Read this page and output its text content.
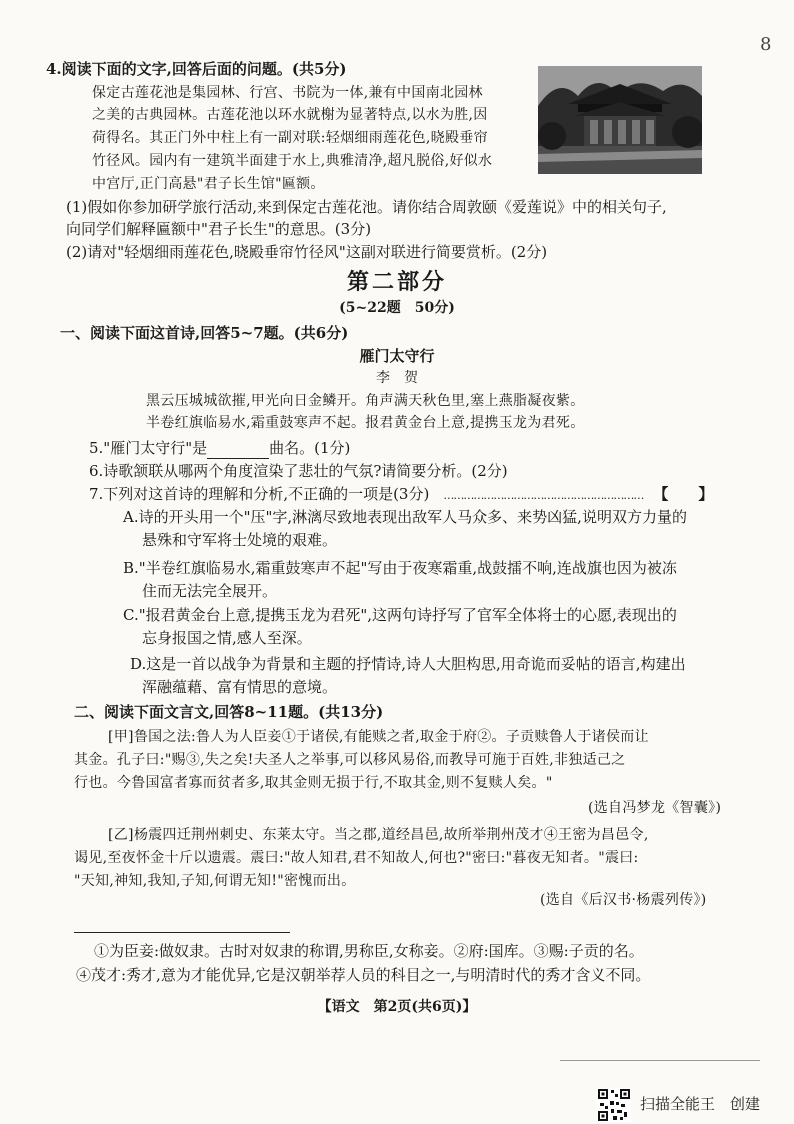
8
4.阅读下面的文字,回答后面的问题。(共5分)
保定古莲花池是集园林、行宫、书院为一体,兼有中国南北园林
之美的古典园林。古莲花池以环水就榭为显著特点,以水为胜,因
荷得名。其正门外中柱上有一副对联:轻烟细雨莲花色,晓殿垂帘
竹径风。园内有一建筑半面建于水上,典雅清净,超凡脱俗,好似水
中宫厅,正门高悬"君子长生馆"匾额。
(1)假如你参加研学旅行活动,来到保定古莲花池。请你结合周敦颐《爱莲说》中的相关句子,
向同学们解释匾额中"君子长生"的意思。(3分)
(2)请对"轻烟细雨莲花色,晓殿垂帘竹径风"这副对联进行简要赏析。(2分)
第二部分
(5~22题　50分)
一、阅读下面这首诗,回答5~7题。(共6分)
雁门太守行
李　贺
黑云压城城欲摧,甲光向日金鳞开。角声满天秋色里,塞上燕脂凝夜紫。
半卷红旗临易水,霜重鼓寒声不起。报君黄金台上意,提携玉龙为君死。
5."雁门太守行"是	曲名。(1分)
6.诗歌颔联从哪两个角度渲染了悲壮的气氛?请简要分析。(2分)
7.下列对这首诗的理解和分析,不正确的一项是(3分) …………………………………………………… 【　　】
A.诗的开头用一个"压"字,淋漓尽致地表现出敌军人马众多、来势凶猛,说明双方力量的
悬殊和守军将士处境的艰难。
B."半卷红旗临易水,霜重鼓寒声不起"写由于夜寒霜重,战鼓擂不响,连战旗也因为被冻
住而无法完全展开。
C."报君黄金台上意,提携玉龙为君死",这两句诗抒写了官军全体将士的心愿,表现出的
忘身报国之情,感人至深。
D.这是一首以战争为背景和主题的抒情诗,诗人大胆构思,用奇诡而妥帖的语言,构建出
浑融蕴藉、富有情思的意境。
二、阅读下面文言文,回答8~11题。(共13分)
[甲]鲁国之法:鲁人为人臣妾①于诸侯,有能赎之者,取金于府②。子贡赎鲁人于诸侯而让
其金。孔子曰:"赐③,失之矣!夫圣人之举事,可以移风易俗,而教导可施于百姓,非独适己之
行也。今鲁国富者寡而贫者多,取其金则无损于行,不取其金,则不复赎人矣。"
(选自冯梦龙《智囊》)
[乙]杨震四迁荆州刺史、东莱太守。当之郡,道经昌邑,故所举荆州茂才④王密为昌邑令,
谒见,至夜怀金十斤以遗震。震曰:"故人知君,君不知故人,何也?"密曰:"暮夜无知者。"震曰:
"天知,神知,我知,子知,何谓无知!"密愧而出。
(选自《后汉书·杨震列传》)
①为臣妾:做奴隶。古时对奴隶的称谓,男称臣,女称妾。②府:国库。③赐:子贡的名。
④茂才:秀才,意为才能优异,它是汉朝举荐人员的科目之一,与明清时代的秀才含义不同。
【语文　第2页(共6页)】
扫描全能王　创建
